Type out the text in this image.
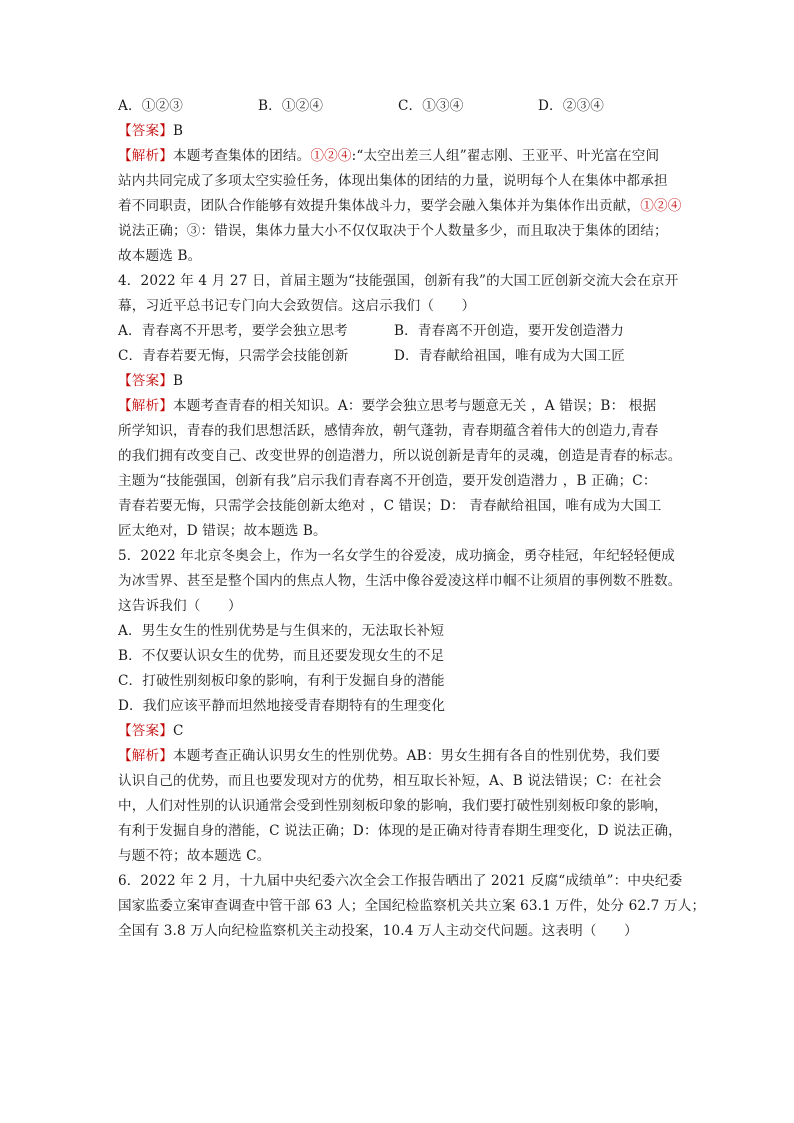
A．①②③	B．①②④	C．①③④	D．②③④
【答案】B
【解析】本题考查集体的团结。①②④:“太空出差三人组”翟志刚、王亚平、叶光富在空间
站内共同完成了多项太空实验任务，体现出集体的团结的力量，说明每个人在集体中都承担
着不同职责，团队合作能够有效提升集体战斗力，要学会融入集体并为集体作出贡献，①②④
说法正确；③：错误，集体力量大小不仅仅取决于个人数量多少，而且取决于集体的团结；
故本题选 B。
4．2022 年 4 月 27 日，首届主题为“技能强国，创新有我”的大国工匠创新交流大会在京开
幕，习近平总书记专门向大会致贺信。这启示我们（　　）
A．青春离不开思考，要学会独立思考	B．青春离不开创造，要开发创造潜力
C．青春若要无悔，只需学会技能创新	D．青春献给祖国，唯有成为大国工匠
【答案】B
【解析】本题考查青春的相关知识。A：要学会独立思考与题意无关 ，A 错误；B： 根据
所学知识，青春的我们思想活跃，感情奔放，朝气蓬勃，青春期蕴含着伟大的创造力,青春
的我们拥有改变自己、改变世界的创造潜力，所以说创新是青年的灵魂，创造是青春的标志。
主题为“技能强国，创新有我”启示我们青春离不开创造，要开发创造潜力 ，B 正确；C：
青春若要无悔，只需学会技能创新太绝对 ，C 错误；D： 青春献给祖国，唯有成为大国工
匠太绝对，D 错误；故本题选 B。
5．2022 年北京冬奥会上，作为一名女学生的谷爱凌，成功摘金，勇夺桂冠，年纪轻轻便成
为冰雪界、甚至是整个国内的焦点人物，生活中像谷爱凌这样巾帼不让须眉的事例数不胜数。
这告诉我们（　　）
A．男生女生的性别优势是与生俱来的，无法取长补短
B．不仅要认识女生的优势，而且还要发现女生的不足
C．打破性别刻板印象的影响，有利于发掘自身的潜能
D．我们应该平静而坦然地接受青春期特有的生理变化
【答案】C
【解析】本题考查正确认识男女生的性别优势。AB：男女生拥有各自的性别优势，我们要
认识自己的优势，而且也要发现对方的优势，相互取长补短，A、B 说法错误；C：在社会
中，人们对性别的认识通常会受到性别刻板印象的影响，我们要打破性别刻板印象的影响，
有利于发掘自身的潜能，C 说法正确；D：体现的是正确对待青春期生理变化，D 说法正确，
与题不符；故本题选 C。
6．2022 年 2 月，十九届中央纪委六次全会工作报告晒出了 2021 反腐“成绩单”：中央纪委
国家监委立案审查调查中管干部 63 人；全国纪检监察机关共立案 63.1 万件，处分 62.7 万人；
全国有 3.8 万人向纪检监察机关主动投案，10.4 万人主动交代问题。这表明（　　）
